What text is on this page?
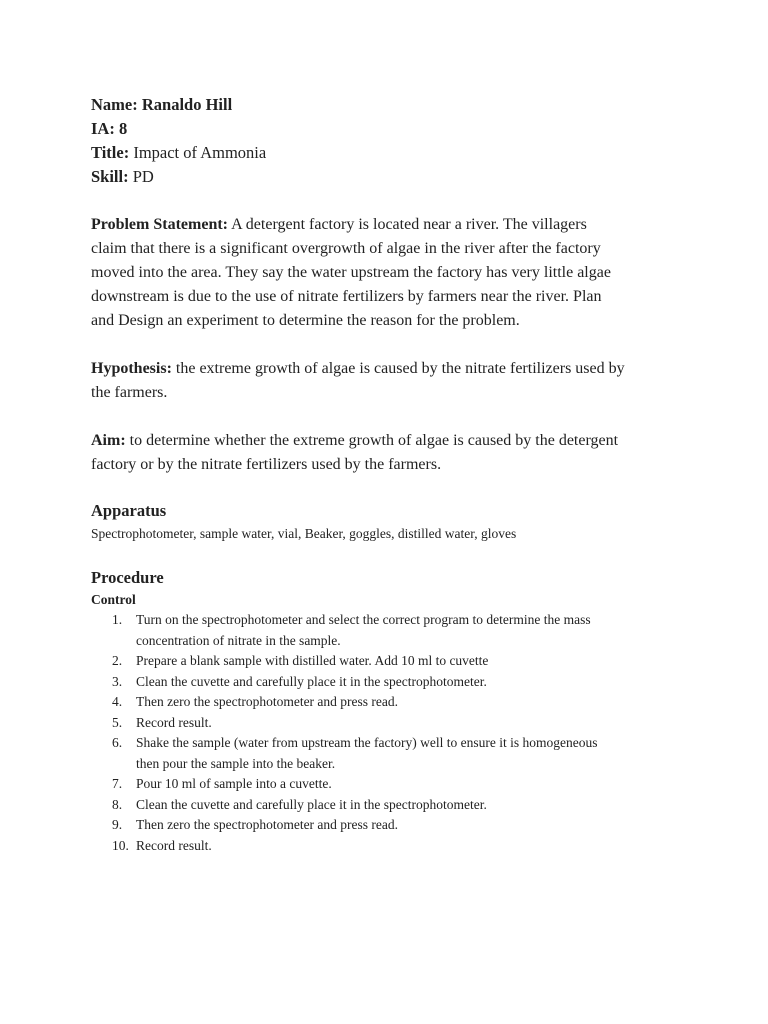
Name: Ranaldo Hill
IA: 8
Title: Impact of Ammonia
Skill: PD

Problem Statement: A detergent factory is located near a river. The villagers
claim that there is a significant overgrowth of algae in the river after the factory
moved into the area. They say the water upstream the factory has very little algae
downstream is due to the use of nitrate fertilizers by farmers near the river. Plan
and Design an experiment to determine the reason for the problem.

Hypothesis: the extreme growth of algae is caused by the nitrate fertilizers used by
the farmers.

Aim: to determine whether the extreme growth of algae is caused by the detergent
factory or by the nitrate fertilizers used by the farmers.

Apparatus

Spectrophotometer, sample water, vial, Beaker, goggles, distilled water, gloves

Procedure
Control
1.	Turn on the spectrophotometer and select the correct program to determine the mass
concentration of nitrate in the sample.
2.	Prepare a blank sample with distilled water. Add 10 ml to cuvette
3.	Clean the cuvette and carefully place it in the spectrophotometer.
4.	Then zero the spectrophotometer and press read.
5.	Record result.
6.	Shake the sample (water from upstream the factory) well to ensure it is homogeneous
then pour the sample into the beaker.
7.	Pour 10 ml of sample into a cuvette.
8.	Clean the cuvette and carefully place it in the spectrophotometer.
9.	Then zero the spectrophotometer and press read.
10. Record result.
